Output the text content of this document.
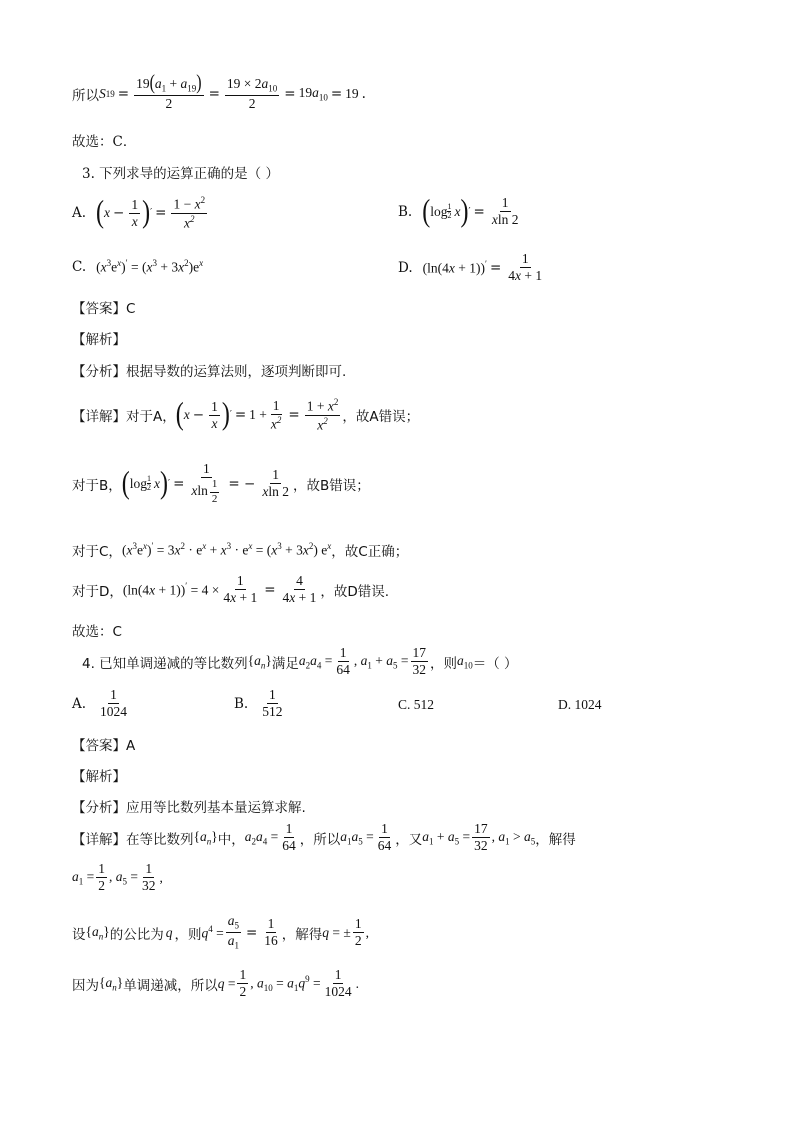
所以 S $19 = \frac{19(a_1 + a_{19})}{2} = \frac{19 \times 2a_{10}}{2} = 19a_{10} = 19$ .
故选：C．
3. 下列求导的运算正确的是（ ）
A. ( $x - \frac{1}{x}$ ) ′ = $\frac{1 - x^2}{x^2}$	B. ( log 1
2 x ) ′ = $\frac{1}{xln 2}$
C. $(x^3e^x)' = (x^3 + 3x^2)e^x$	D. $(\ln(4x + 1))' = \frac{1}{4x + 1}$
【答案】C
【解析】
【分析】根据导数的运算法则，逐项判断即可.
【详解】对于A， ( $x - \frac{1}{x}$ ) ′ = $1 + \frac{1}{x^2} = \frac{1 + x^2}{x^2}$ ，故A错误；
对于B， ( log 1
2 x ) ′ = $\frac{1}{xln \frac{1}{2}}$ = − $\frac{1}{xln 2}$ ，故B错误；
对于C， $(x^3e^x)' = 3x^2 \cdot e^x + x^3 \cdot e^x = (x^3 + 3x^2)$ $e^x$ ，故C正确；
对于D， $(\ln(4x + 1))' = 4 \times \frac{1}{4x + 1} = \frac{4}{4x + 1}$ ，故D错误.
故选：C
4. 已知单调递减的等比数列 $\{a_n\}$ 满足 $a_2a_4 = \frac{1}{64}$ , $a_1 + a_5 = \frac{17}{32}$ ，则 $a_{10}$ ＝（ ）
A. $\frac{1}{1024}$	B. $\frac{1}{512}$	C. 512	D. 1024
【答案】A
【解析】
【分析】应用等比数列基本量运算求解.
【详解】在等比数列 $\{a_n\}$ 中， $a_2a_4 = \frac{1}{64}$ ，所以 $a_1a_5 = \frac{1}{64}$ ，又 $a_1 + a_5 = \frac{17}{32}$ , $a_1 > a_5$ ，解得
$a_1 = \frac{1}{2}$ , $a_5 = \frac{1}{32}$ ,
设 $\{a_n\}$ 的公比为 q ，则 $q^4 = \frac{a_5}{a_1} = \frac{1}{16}$ ，解得 q = ± $\frac{1}{2}$ ,
因为 $\{a_n\}$ 单调递减，所以 $q = \frac{1}{2}$ , $a_{10} = a_1q^9 = \frac{1}{1024}$ .
